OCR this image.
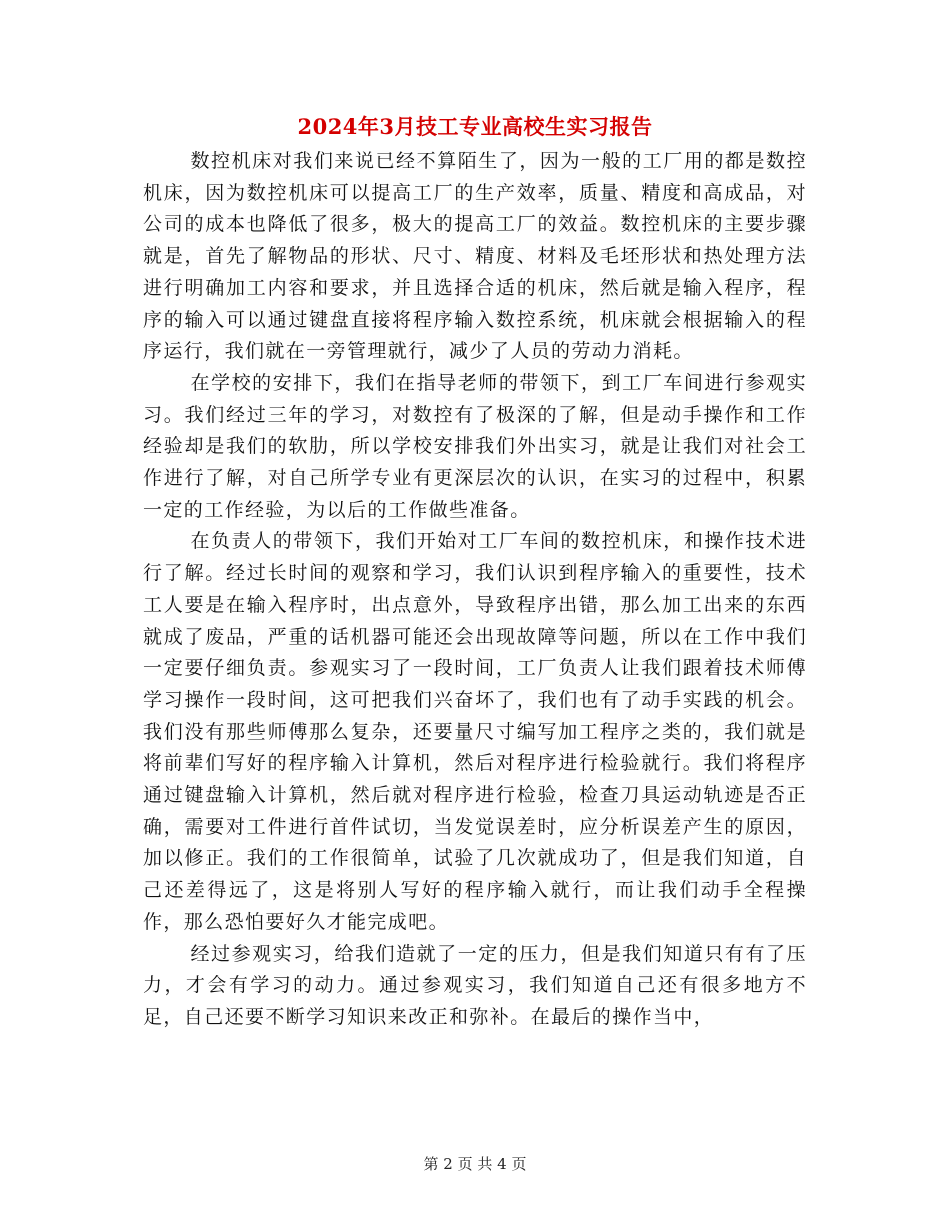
2024年3月技工专业高校生实习报告

数控机床对我们来说已经不算陌生了，因为一般的工厂用的都是数控机床，因为数控机床可以提高工厂的生产效率，质量、精度和高成品，对公司的成本也降低了很多，极大的提高工厂的效益。数控机床的主要步骤就是，首先了解物品的形状、尺寸、精度、材料及毛坯形状和热处理方法进行明确加工内容和要求，并且选择合适的机床，然后就是输入程序，程序的输入可以通过键盘直接将程序输入数控系统，机床就会根据输入的程序运行，我们就在一旁管理就行，减少了人员的劳动力消耗。

在学校的安排下，我们在指导老师的带领下，到工厂车间进行参观实习。我们经过三年的学习，对数控有了极深的了解，但是动手操作和工作经验却是我们的软肋，所以学校安排我们外出实习，就是让我们对社会工作进行了解，对自己所学专业有更深层次的认识，在实习的过程中，积累一定的工作经验，为以后的工作做些准备。

在负责人的带领下，我们开始对工厂车间的数控机床，和操作技术进行了解。经过长时间的观察和学习，我们认识到程序输入的重要性，技术工人要是在输入程序时，出点意外，导致程序出错，那么加工出来的东西就成了废品，严重的话机器可能还会出现故障等问题，所以在工作中我们一定要仔细负责。参观实习了一段时间，工厂负责人让我们跟着技术师傅学习操作一段时间，这可把我们兴奋坏了，我们也有了动手实践的机会。我们没有那些师傅那么复杂，还要量尺寸编写加工程序之类的，我们就是将前辈们写好的程序输入计算机，然后对程序进行检验就行。我们将程序通过键盘输入计算机，然后就对程序进行检验，检查刀具运动轨迹是否正确，需要对工件进行首件试切，当发觉误差时，应分析误差产生的原因，加以修正。我们的工作很简单，试验了几次就成功了，但是我们知道，自己还差得远了，这是将别人写好的程序输入就行，而让我们动手全程操作，那么恐怕要好久才能完成吧。

经过参观实习，给我们造就了一定的压力，但是我们知道只有有了压力，才会有学习的动力。通过参观实习，我们知道自己还有很多地方不足，自己还要不断学习知识来改正和弥补。在最后的操作当中，

第 2 页 共 4 页
